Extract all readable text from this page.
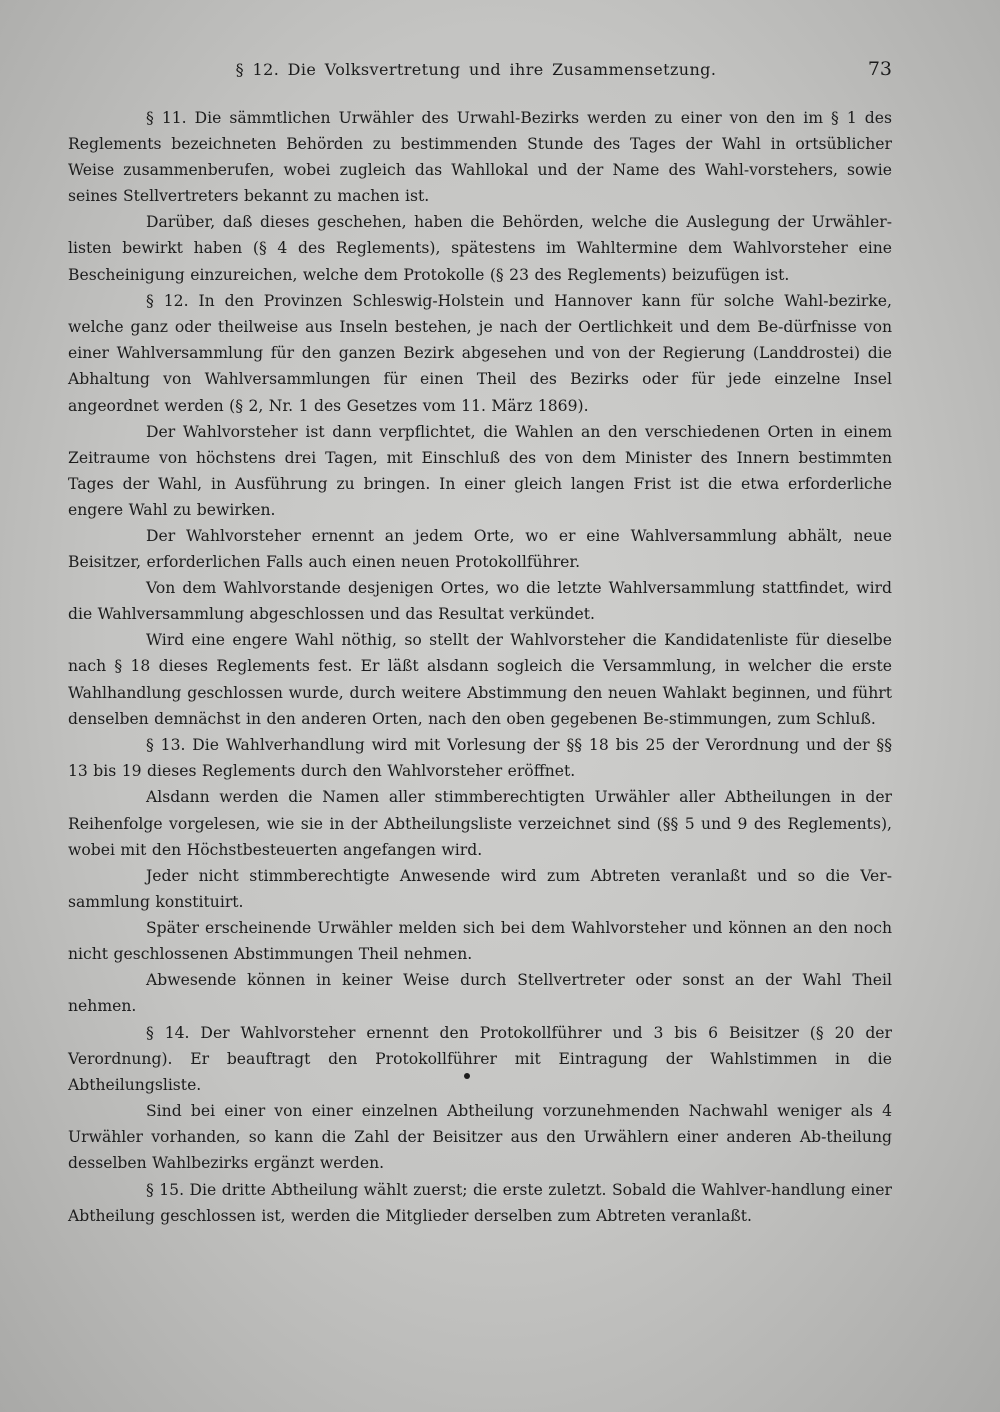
§ 12. Die Volksvertretung und ihre Zusammensetzung.	73

§ 11. Die sämmtlichen Urwähler des Urwahl-Bezirks werden zu einer von den im § 1 des Reglements bezeichneten Behörden zu bestimmenden Stunde des Tages der Wahl in ortsüblicher Weise zusammenberufen, wobei zugleich das Wahllokal und der Name des Wahl-vorstehers, sowie seines Stellvertreters bekannt zu machen ist.

Darüber, daß dieses geschehen, haben die Behörden, welche die Auslegung der Urwähler-listen bewirkt haben (§ 4 des Reglements), spätestens im Wahltermine dem Wahlvorsteher eine Bescheinigung einzureichen, welche dem Protokolle (§ 23 des Reglements) beizufügen ist.

§ 12. In den Provinzen Schleswig-Holstein und Hannover kann für solche Wahl-bezirke, welche ganz oder theilweise aus Inseln bestehen, je nach der Oertlichkeit und dem Be-dürfnisse von einer Wahlversammlung für den ganzen Bezirk abgesehen und von der Regierung (Landdrostei) die Abhaltung von Wahlversammlungen für einen Theil des Bezirks oder für jede einzelne Insel angeordnet werden (§ 2, Nr. 1 des Gesetzes vom 11. März 1869).

Der Wahlvorsteher ist dann verpflichtet, die Wahlen an den verschiedenen Orten in einem Zeitraume von höchstens drei Tagen, mit Einschluß des von dem Minister des Innern bestimmten Tages der Wahl, in Ausführung zu bringen. In einer gleich langen Frist ist die etwa erforderliche engere Wahl zu bewirken.

Der Wahlvorsteher ernennt an jedem Orte, wo er eine Wahlversammlung abhält, neue Beisitzer, erforderlichen Falls auch einen neuen Protokollführer.

Von dem Wahlvorstande desjenigen Ortes, wo die letzte Wahlversammlung stattfindet, wird die Wahlversammlung abgeschlossen und das Resultat verkündet.

Wird eine engere Wahl nöthig, so stellt der Wahlvorsteher die Kandidatenliste für dieselbe nach § 18 dieses Reglements fest. Er läßt alsdann sogleich die Versammlung, in welcher die erste Wahlhandlung geschlossen wurde, durch weitere Abstimmung den neuen Wahlakt beginnen, und führt denselben demnächst in den anderen Orten, nach den oben gegebenen Be-stimmungen, zum Schluß.

§ 13. Die Wahlverhandlung wird mit Vorlesung der §§ 18 bis 25 der Verordnung und der §§ 13 bis 19 dieses Reglements durch den Wahlvorsteher eröffnet.

Alsdann werden die Namen aller stimmberechtigten Urwähler aller Abtheilungen in der Reihenfolge vorgelesen, wie sie in der Abtheilungsliste verzeichnet sind (§§ 5 und 9 des Reglements), wobei mit den Höchstbesteuerten angefangen wird.

Jeder nicht stimmberechtigte Anwesende wird zum Abtreten veranlaßt und so die Ver-sammlung konstituirt.

Später erscheinende Urwähler melden sich bei dem Wahlvorsteher und können an den noch nicht geschlossenen Abstimmungen Theil nehmen.

Abwesende können in keiner Weise durch Stellvertreter oder sonst an der Wahl Theil nehmen.

§ 14. Der Wahlvorsteher ernennt den Protokollführer und 3 bis 6 Beisitzer (§ 20 der Verordnung). Er beauftragt den Protokollführer mit Eintragung der Wahlstimmen in die Abtheilungsliste.

Sind bei einer von einer einzelnen Abtheilung vorzunehmenden Nachwahl weniger als 4 Urwähler vorhanden, so kann die Zahl der Beisitzer aus den Urwählern einer anderen Ab-theilung desselben Wahlbezirks ergänzt werden.

§ 15. Die dritte Abtheilung wählt zuerst; die erste zuletzt. Sobald die Wahlver-handlung einer Abtheilung geschlossen ist, werden die Mitglieder derselben zum Abtreten veranlaßt.
